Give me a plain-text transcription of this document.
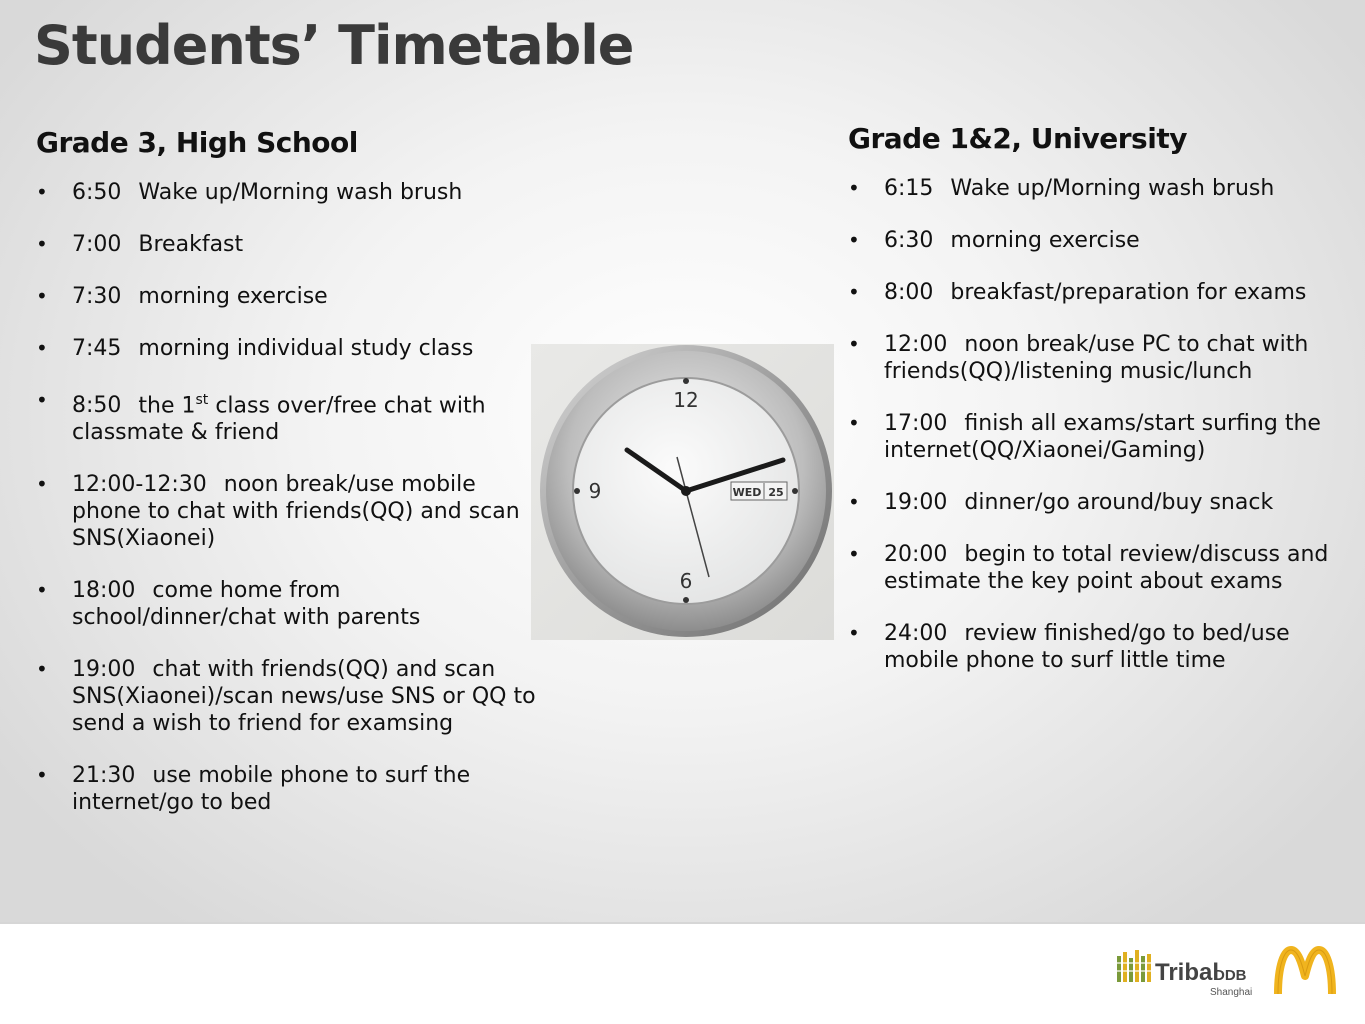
Students’ Timetable
Grade 3, High School
• 6:50 Wake up/Morning wash brush
• 7:00 Breakfast
• 7:30 morning exercise
• 7:45 morning individual study class
• 8:50 the 1st class over/free chat with classmate & friend
• 12:00-12:30 noon break/use mobile phone to chat with friends(QQ) and scan SNS(Xiaonei)
• 18:00 come home from school/dinner/chat with parents
• 19:00 chat with friends(QQ) and scan SNS(Xiaonei)/scan news/use SNS or QQ to send a wish to friend for examsing
• 21:30 use mobile phone to surf the internet/go to bed
Grade 1&2, University
• 6:15 Wake up/Morning wash brush
• 6:30 morning exercise
• 8:00 breakfast/preparation for exams
• 12:00 noon break/use PC to chat with friends(QQ)/listening music/lunch
• 17:00 finish all exams/start surfing the internet(QQ/Xiaonei/Gaming)
• 19:00 dinner/go around/buy snack
• 20:00 begin to total review/discuss and estimate the key point about exams
• 24:00 review finished/go to bed/use mobile phone to surf little time
12
9
6
WED 25
Tribal
DDB
Shanghai
